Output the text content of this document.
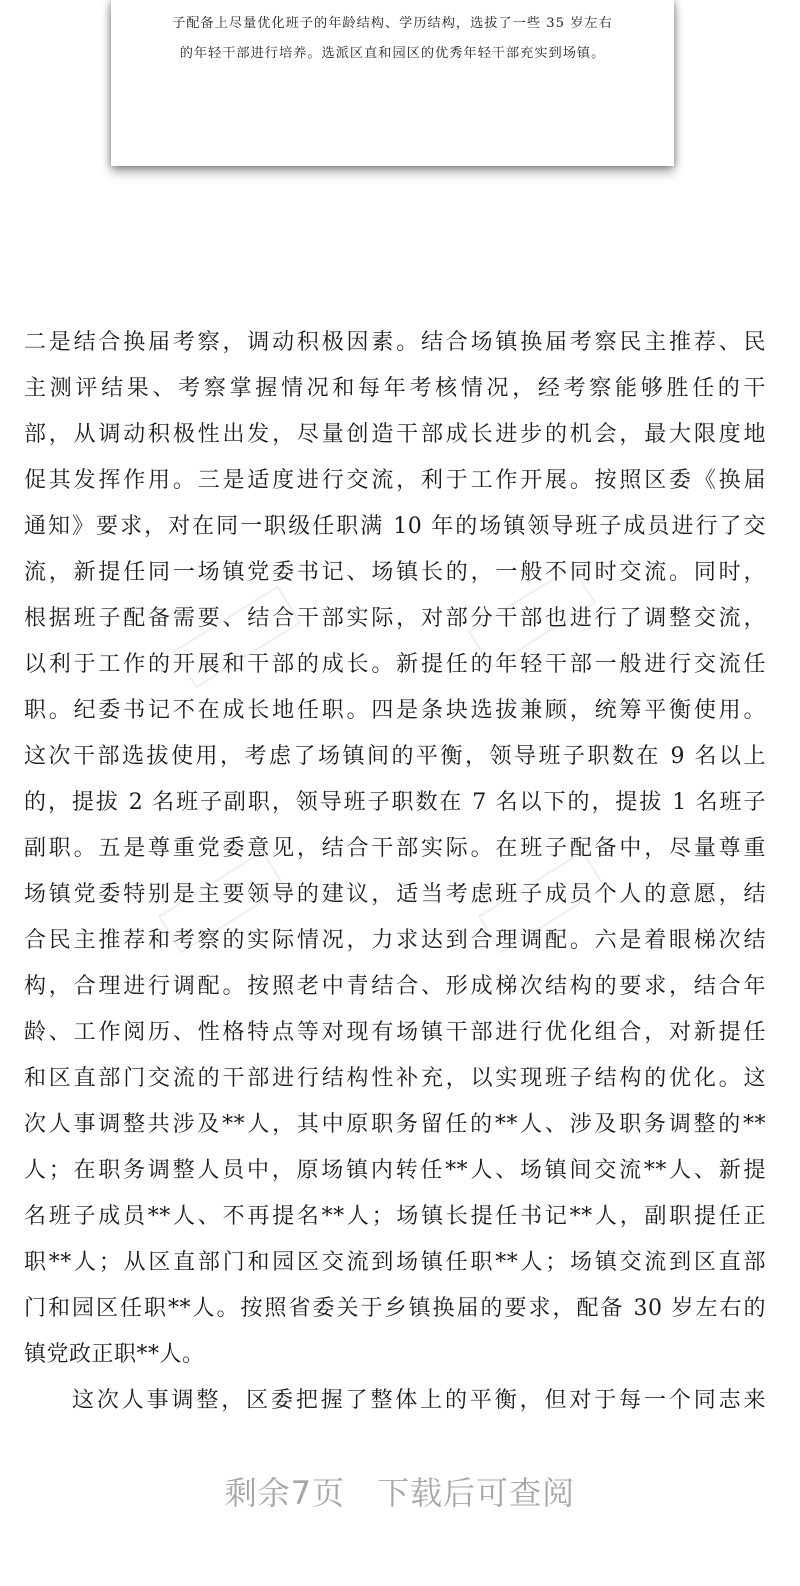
子配备上尽量优化班子的年龄结构、学历结构，选拔了一些 35 岁左右
的年轻干部进行培养。选派区直和园区的优秀年轻干部充实到场镇。
二是结合换届考察，调动积极因素。结合场镇换届考察民主推荐、民
主测评结果、考察掌握情况和每年考核情况，经考察能够胜任的干
部，从调动积极性出发，尽量创造干部成长进步的机会，最大限度地
促其发挥作用。三是适度进行交流，利于工作开展。按照区委《换届
通知》要求，对在同一职级任职满 10 年的场镇领导班子成员进行了交
流，新提任同一场镇党委书记、场镇长的，一般不同时交流。同时，
根据班子配备需要、结合干部实际，对部分干部也进行了调整交流，
以利于工作的开展和干部的成长。新提任的年轻干部一般进行交流任
职。纪委书记不在成长地任职。四是条块选拔兼顾，统筹平衡使用。
这次干部选拔使用，考虑了场镇间的平衡，领导班子职数在 9 名以上
的，提拔 2 名班子副职，领导班子职数在 7 名以下的，提拔 1 名班子
副职。五是尊重党委意见，结合干部实际。在班子配备中，尽量尊重
场镇党委特别是主要领导的建议，适当考虑班子成员个人的意愿，结
合民主推荐和考察的实际情况，力求达到合理调配。六是着眼梯次结
构，合理进行调配。按照老中青结合、形成梯次结构的要求，结合年
龄、工作阅历、性格特点等对现有场镇干部进行优化组合，对新提任
和区直部门交流的干部进行结构性补充，以实现班子结构的优化。这
次人事调整共涉及**人，其中原职务留任的**人、涉及职务调整的**
人；在职务调整人员中，原场镇内转任**人、场镇间交流**人、新提
名班子成员**人、不再提名**人；场镇长提任书记**人，副职提任正
职**人；从区直部门和园区交流到场镇任职**人；场镇交流到区直部
门和园区任职**人。按照省委关于乡镇换届的要求，配备 30 岁左右的
镇党政正职**人。
这次人事调整，区委把握了整体上的平衡，但对于每一个同志来
剩余7页 下载后可查阅
